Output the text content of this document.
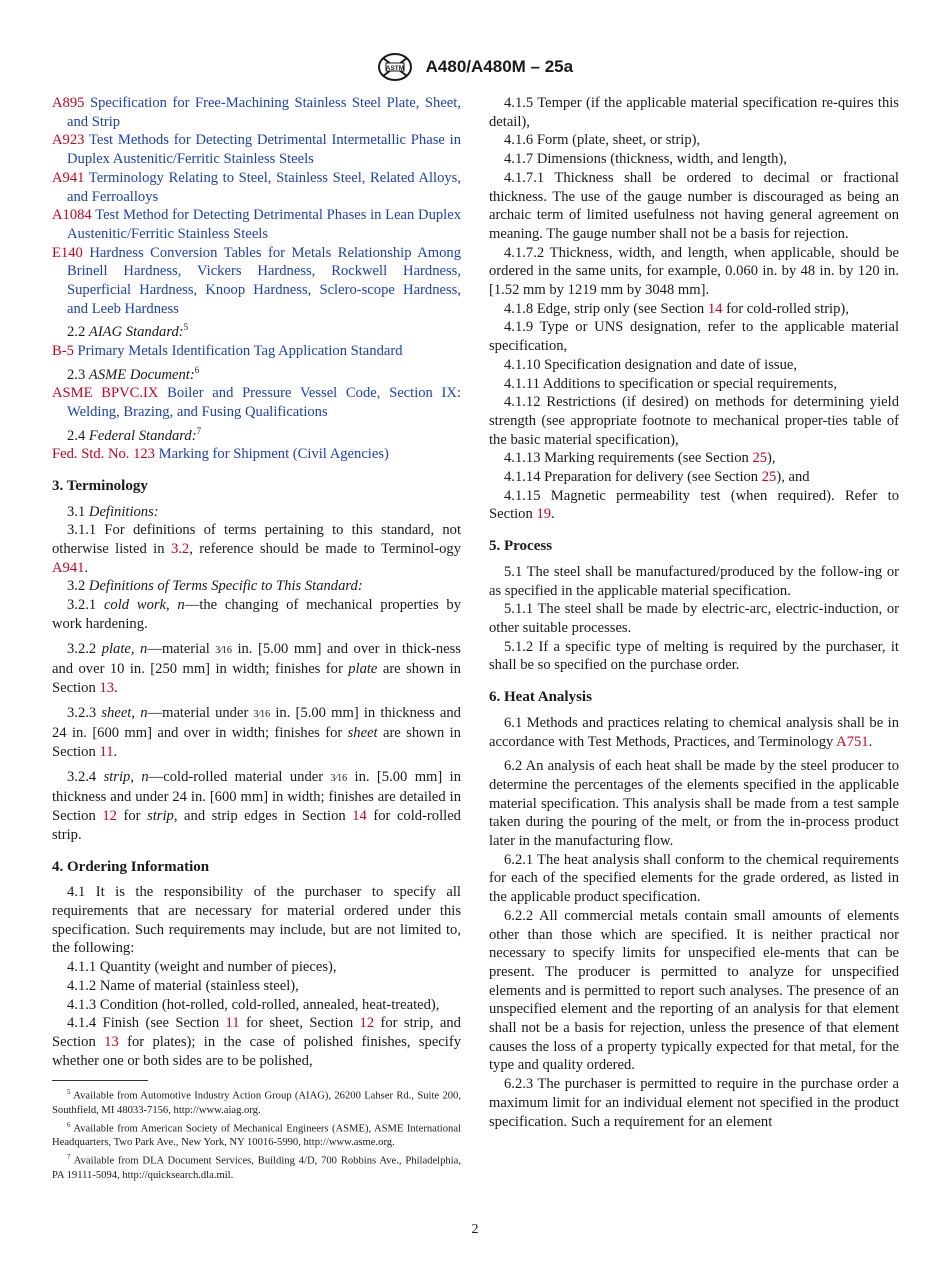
ASTM A480/A480M – 25a

A895 Specification for Free-Machining Stainless Steel Plate, Sheet, and Strip

A923 Test Methods for Detecting Detrimental Intermetallic Phase in Duplex Austenitic/Ferritic Stainless Steels

A941 Terminology Relating to Steel, Stainless Steel, Related Alloys, and Ferroalloys

A1084 Test Method for Detecting Detrimental Phases in Lean Duplex Austenitic/Ferritic Stainless Steels

E140 Hardness Conversion Tables for Metals Relationship Among Brinell Hardness, Vickers Hardness, Rockwell Hardness, Superficial Hardness, Knoop Hardness, Sclero-scope Hardness, and Leeb Hardness

2.2 AIAG Standard:$^5$

B-5 Primary Metals Identification Tag Application Standard

2.3 ASME Document:$^6$

ASME BPVC.IX Boiler and Pressure Vessel Code, Section IX: Welding, Brazing, and Fusing Qualifications

2.4 Federal Standard:$^7$

Fed. Std. No. 123 Marking for Shipment (Civil Agencies)

3. Terminology

3.1 Definitions:

3.1.1 For definitions of terms pertaining to this standard, not otherwise listed in 3.2, reference should be made to Terminol-ogy A941.

3.2 Definitions of Terms Specific to This Standard:

3.2.1 cold work, n—the changing of mechanical properties by work hardening.

3.2.2 plate, n—material 3⁄16 in. [5.00 mm] and over in thick-ness and over 10 in. [250 mm] in width; finishes for plate are shown in Section 13.

3.2.3 sheet, n—material under 3⁄16 in. [5.00 mm] in thickness and 24 in. [600 mm] and over in width; finishes for sheet are shown in Section 11.

3.2.4 strip, n—cold-rolled material under 3⁄16 in. [5.00 mm] in thickness and under 24 in. [600 mm] in width; finishes are detailed in Section 12 for strip, and strip edges in Section 14 for cold-rolled strip.

4. Ordering Information

4.1 It is the responsibility of the purchaser to specify all requirements that are necessary for material ordered under this specification. Such requirements may include, but are not limited to, the following:

4.1.1 Quantity (weight and number of pieces),

4.1.2 Name of material (stainless steel),

4.1.3 Condition (hot-rolled, cold-rolled, annealed, heat-treated),

4.1.4 Finish (see Section 11 for sheet, Section 12 for strip, and Section 13 for plates); in the case of polished finishes, specify whether one or both sides are to be polished,

$^5$ Available from Automotive Industry Action Group (AIAG), 26200 Lahser Rd., Suite 200, Southfield, MI 48033-7156, http://www.aiag.org.

$^6$ Available from American Society of Mechanical Engineers (ASME), ASME International Headquarters, Two Park Ave., New York, NY 10016-5990, http://www.asme.org.

$^7$ Available from DLA Document Services, Building 4/D, 700 Robbins Ave., Philadelphia, PA 19111-5094, http://quicksearch.dla.mil.

4.1.5 Temper (if the applicable material specification re-quires this detail),

4.1.6 Form (plate, sheet, or strip),

4.1.7 Dimensions (thickness, width, and length),

4.1.7.1 Thickness shall be ordered to decimal or fractional thickness. The use of the gauge number is discouraged as being an archaic term of limited usefulness not having general agreement on meaning. The gauge number shall not be a basis for rejection.

4.1.7.2 Thickness, width, and length, when applicable, should be ordered in the same units, for example, 0.060 in. by 48 in. by 120 in. [1.52 mm by 1219 mm by 3048 mm].

4.1.8 Edge, strip only (see Section 14 for cold-rolled strip),

4.1.9 Type or UNS designation, refer to the applicable material specification,

4.1.10 Specification designation and date of issue,

4.1.11 Additions to specification or special requirements,

4.1.12 Restrictions (if desired) on methods for determining yield strength (see appropriate footnote to mechanical proper-ties table of the basic material specification),

4.1.13 Marking requirements (see Section 25),

4.1.14 Preparation for delivery (see Section 25), and

4.1.15 Magnetic permeability test (when required). Refer to Section 19.

5. Process

5.1 The steel shall be manufactured/produced by the follow-ing or as specified in the applicable material specification.

5.1.1 The steel shall be made by electric-arc, electric-induction, or other suitable processes.

5.1.2 If a specific type of melting is required by the purchaser, it shall be so specified on the purchase order.

6. Heat Analysis

6.1 Methods and practices relating to chemical analysis shall be in accordance with Test Methods, Practices, and Terminology A751.

6.2 An analysis of each heat shall be made by the steel producer to determine the percentages of the elements specified in the applicable material specification. This analysis shall be made from a test sample taken during the pouring of the melt, or from the in-process product later in the manufacturing flow.

6.2.1 The heat analysis shall conform to the chemical requirements for each of the specified elements for the grade ordered, as listed in the applicable product specification.

6.2.2 All commercial metals contain small amounts of elements other than those which are specified. It is neither practical nor necessary to specify limits for unspecified ele-ments that can be present. The producer is permitted to analyze for unspecified elements and is permitted to report such analyses. The presence of an unspecified element and the reporting of an analysis for that element shall not be a basis for rejection, unless the presence of that element causes the loss of a property typically expected for that metal, for the type and quality ordered.

6.2.3 The purchaser is permitted to require in the purchase order a maximum limit for an individual element not specified in the product specification. Such a requirement for an element

2
